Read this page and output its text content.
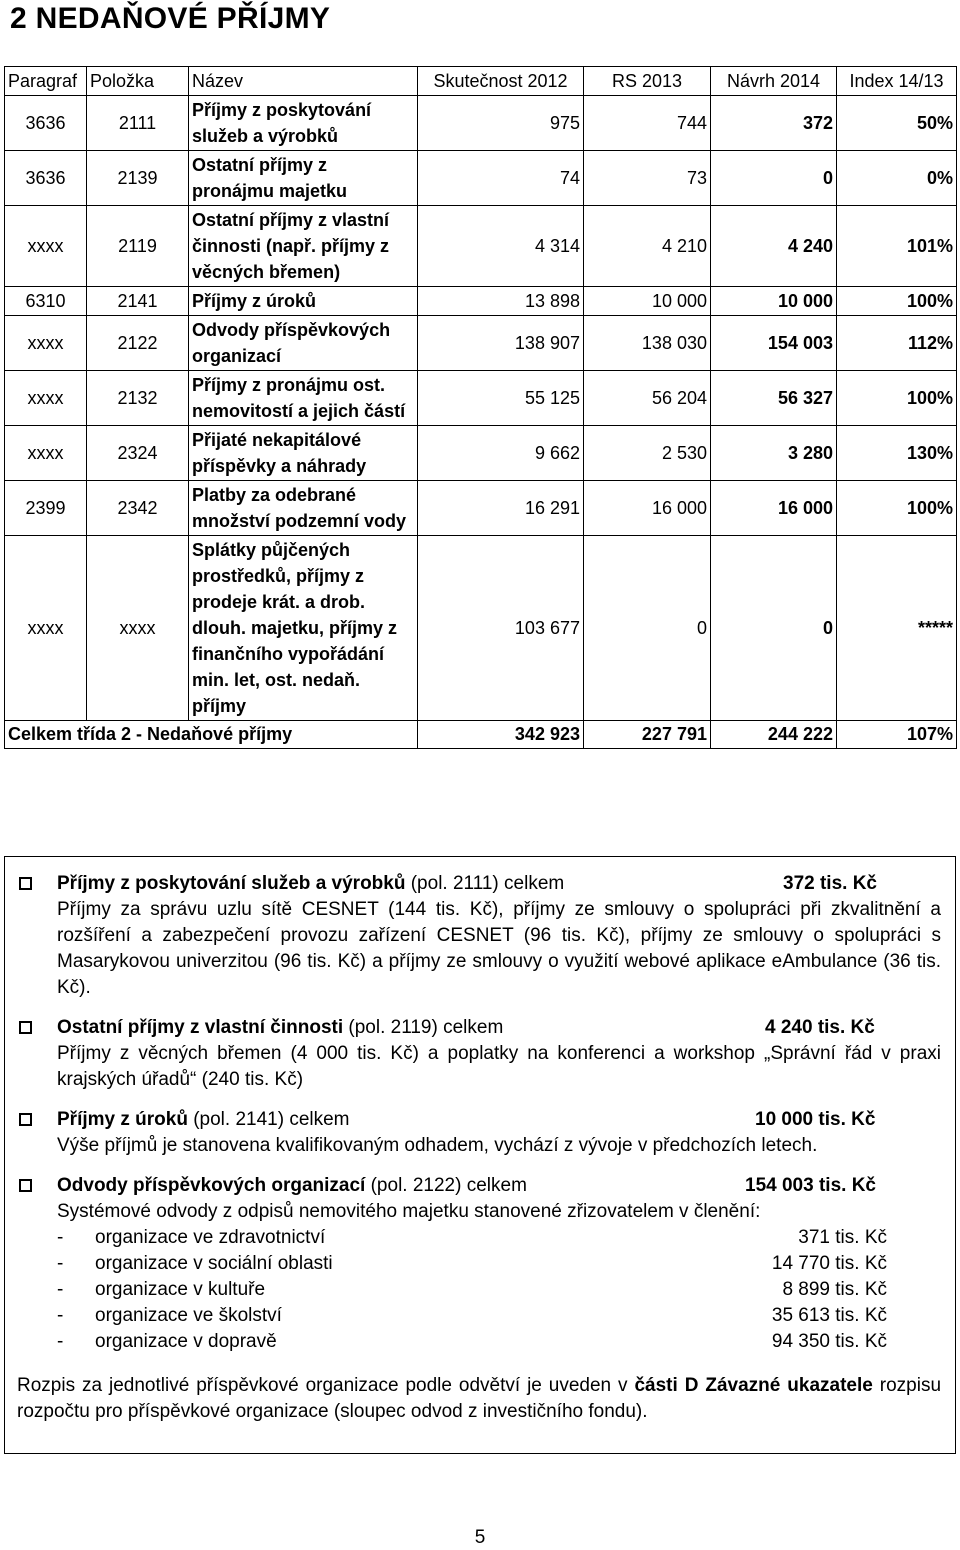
2 NEDAŇOVÉ PŘÍJMY
Paragraf	Položka	Název	Skutečnost 2012	RS 2013	Návrh 2014	Index 14/13
3636	2111	Příjmy z poskytování služeb a výrobků	975	744	372	50%
3636	2139	Ostatní příjmy z pronájmu majetku	74	73	0	0%
xxxx	2119	Ostatní příjmy z vlastní činnosti (např. příjmy z věcných břemen)	4 314	4 210	4 240	101%
6310	2141	Příjmy z úroků	13 898	10 000	10 000	100%
xxxx	2122	Odvody příspěvkových organizací	138 907	138 030	154 003	112%
xxxx	2132	Příjmy z pronájmu ost. nemovitostí a jejich částí	55 125	56 204	56 327	100%
xxxx	2324	Přijaté nekapitálové příspěvky a náhrady	9 662	2 530	3 280	130%
2399	2342	Platby za odebrané množství podzemní vody	16 291	16 000	16 000	100%
xxxx	xxxx	Splátky půjčených prostředků, příjmy z prodeje krát. a drob. dlouh. majetku, příjmy z finančního vypořádání min. let, ost. nedaň. příjmy	103 677	0	0	*****
Celkem třída 2 - Nedaňové příjmy			342 923	227 791	244 222	107%
Příjmy z poskytování služeb a výrobků (pol. 2111) celkem	372 tis. Kč
Příjmy za správu uzlu sítě CESNET (144 tis. Kč), příjmy ze smlouvy o spolupráci při zkvalitnění a rozšíření a zabezpečení provozu zařízení CESNET (96 tis. Kč), příjmy ze smlouvy o spolupráci s Masarykovou univerzitou (96 tis. Kč) a příjmy ze smlouvy o využití webové aplikace eAmbulance (36 tis. Kč).
Ostatní příjmy z vlastní činnosti (pol. 2119) celkem	4 240 tis. Kč
Příjmy z věcných břemen (4 000 tis. Kč) a poplatky na konferenci a workshop „Správní řád v praxi krajských úřadů“ (240 tis. Kč)
Příjmy z úroků (pol. 2141) celkem	10 000 tis. Kč
Výše příjmů je stanovena kvalifikovaným odhadem, vychází z vývoje v předchozích letech.
Odvody příspěvkových organizací (pol. 2122) celkem	154 003 tis. Kč
Systémové odvody z odpisů nemovitého majetku stanovené zřizovatelem v členění:
- organizace ve zdravotnictví	371 tis. Kč
- organizace v sociální oblasti	14 770 tis. Kč
- organizace v kultuře	8 899 tis. Kč
- organizace ve školství	35 613 tis. Kč
- organizace v dopravě	94 350 tis. Kč
Rozpis za jednotlivé příspěvkové organizace podle odvětví je uveden v části D Závazné ukazatele rozpisu rozpočtu pro příspěvkové organizace (sloupec odvod z investičního fondu).
5
